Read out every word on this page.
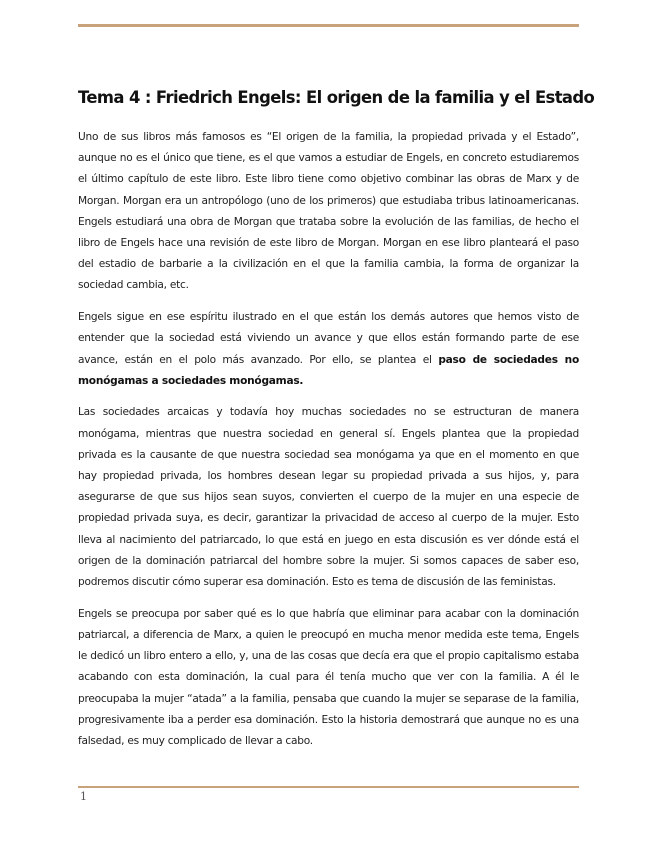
Tema 4 : Friedrich Engels: El origen de la familia y el Estado

Uno de sus libros más famosos es “El origen de la familia, la propiedad privada y el Estado”, aunque no es el único que tiene, es el que vamos a estudiar de Engels, en concreto estudiaremos el último capítulo de este libro. Este libro tiene como objetivo combinar las obras de Marx y de Morgan. Morgan era un antropólogo (uno de los primeros) que estudiaba tribus latinoamericanas. Engels estudiará una obra de Morgan que trataba sobre la evolución de las familias, de hecho el libro de Engels hace una revisión de este libro de Morgan. Morgan en ese libro planteará el paso del estadio de barbarie a la civilización en el que la familia cambia, la forma de organizar la sociedad cambia, etc.

Engels sigue en ese espíritu ilustrado en el que están los demás autores que hemos visto de entender que la sociedad está viviendo un avance y que ellos están formando parte de ese avance, están en el polo más avanzado. Por ello, se plantea el paso de sociedades no monógamas a sociedades monógamas.

Las sociedades arcaicas y todavía hoy muchas sociedades no se estructuran de manera monógama, mientras que nuestra sociedad en general sí. Engels plantea que la propiedad privada es la causante de que nuestra sociedad sea monógama ya que en el momento en que hay propiedad privada, los hombres desean legar su propiedad privada a sus hijos, y, para asegurarse de que sus hijos sean suyos, convierten el cuerpo de la mujer en una especie de propiedad privada suya, es decir, garantizar la privacidad de acceso al cuerpo de la mujer. Esto lleva al nacimiento del patriarcado, lo que está en juego en esta discusión es ver dónde está el origen de la dominación patriarcal del hombre sobre la mujer. Si somos capaces de saber eso, podremos discutir cómo superar esa dominación. Esto es tema de discusión de las feministas.

Engels se preocupa por saber qué es lo que habría que eliminar para acabar con la dominación patriarcal, a diferencia de Marx, a quien le preocupó en mucha menor medida este tema, Engels le dedicó un libro entero a ello, y, una de las cosas que decía era que el propio capitalismo estaba acabando con esta dominación, la cual para él tenía mucho que ver con la familia. A él le preocupaba la mujer “atada” a la familia, pensaba que cuando la mujer se separase de la familia, progresivamente iba a perder esa dominación. Esto la historia demostrará que aunque no es una falsedad, es muy complicado de llevar a cabo.

1
